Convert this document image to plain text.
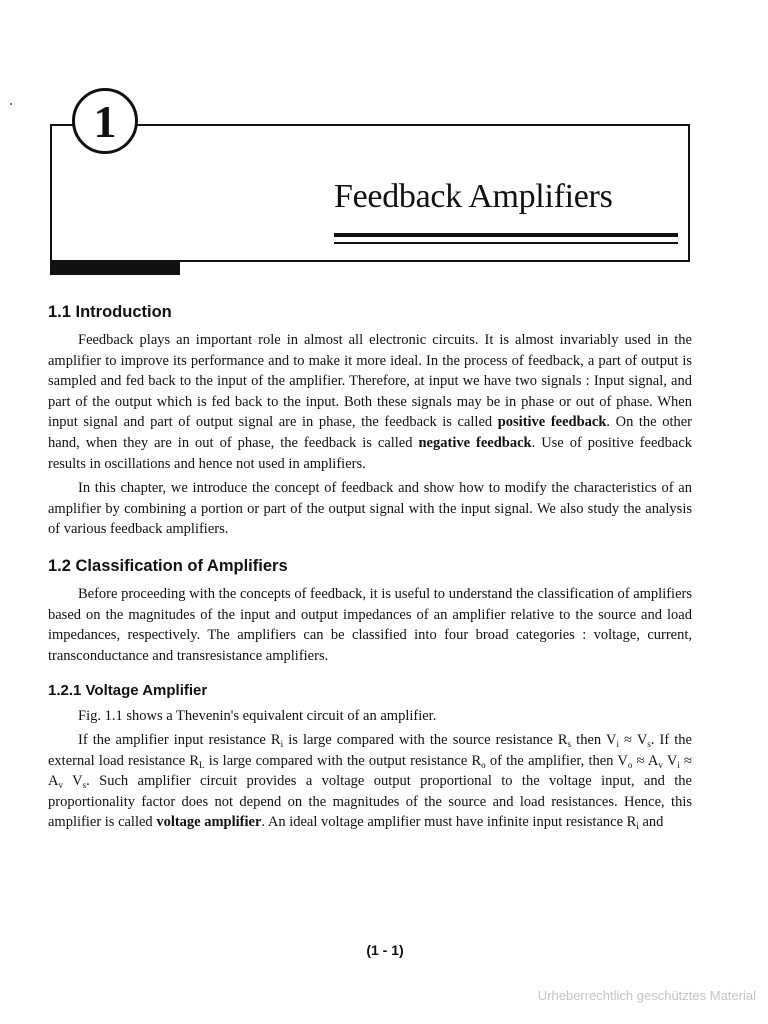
1
Feedback Amplifiers
1.1 Introduction

Feedback plays an important role in almost all electronic circuits. It is almost invariably used in the amplifier to improve its performance and to make it more ideal. In the process of feedback, a part of output is sampled and fed back to the input of the amplifier. Therefore, at input we have two signals : Input signal, and part of the output which is fed back to the input. Both these signals may be in phase or out of phase. When input signal and part of output signal are in phase, the feedback is called positive feedback. On the other hand, when they are in out of phase, the feedback is called negative feedback. Use of positive feedback results in oscillations and hence not used in amplifiers.

In this chapter, we introduce the concept of feedback and show how to modify the characteristics of an amplifier by combining a portion or part of the output signal with the input signal. We also study the analysis of various feedback amplifiers.

1.2 Classification of Amplifiers

Before proceeding with the concepts of feedback, it is useful to understand the classification of amplifiers based on the magnitudes of the input and output impedances of an amplifier relative to the source and load impedances, respectively. The amplifiers can be classified into four broad categories : voltage, current, transconductance and transresistance amplifiers.

1.2.1 Voltage Amplifier

Fig. 1.1 shows a Thevenin's equivalent circuit of an amplifier.

If the amplifier input resistance $R_i$ is large compared with the source resistance $R_s$ then $V_i \approx V_s$. If the external load resistance $R_L$ is large compared with the output resistance $R_o$ of the amplifier, then $V_o \approx A_v$ $V_i \approx A_v$ $V_s$. Such amplifier circuit provides a voltage output proportional to the voltage input, and the proportionality factor does not depend on the magnitudes of the source and load resistances. Hence, this amplifier is called voltage amplifier. An ideal voltage amplifier must have infinite input resistance $R_i$ and

(1 - 1)
Urheberrechtlich geschütztes Material
